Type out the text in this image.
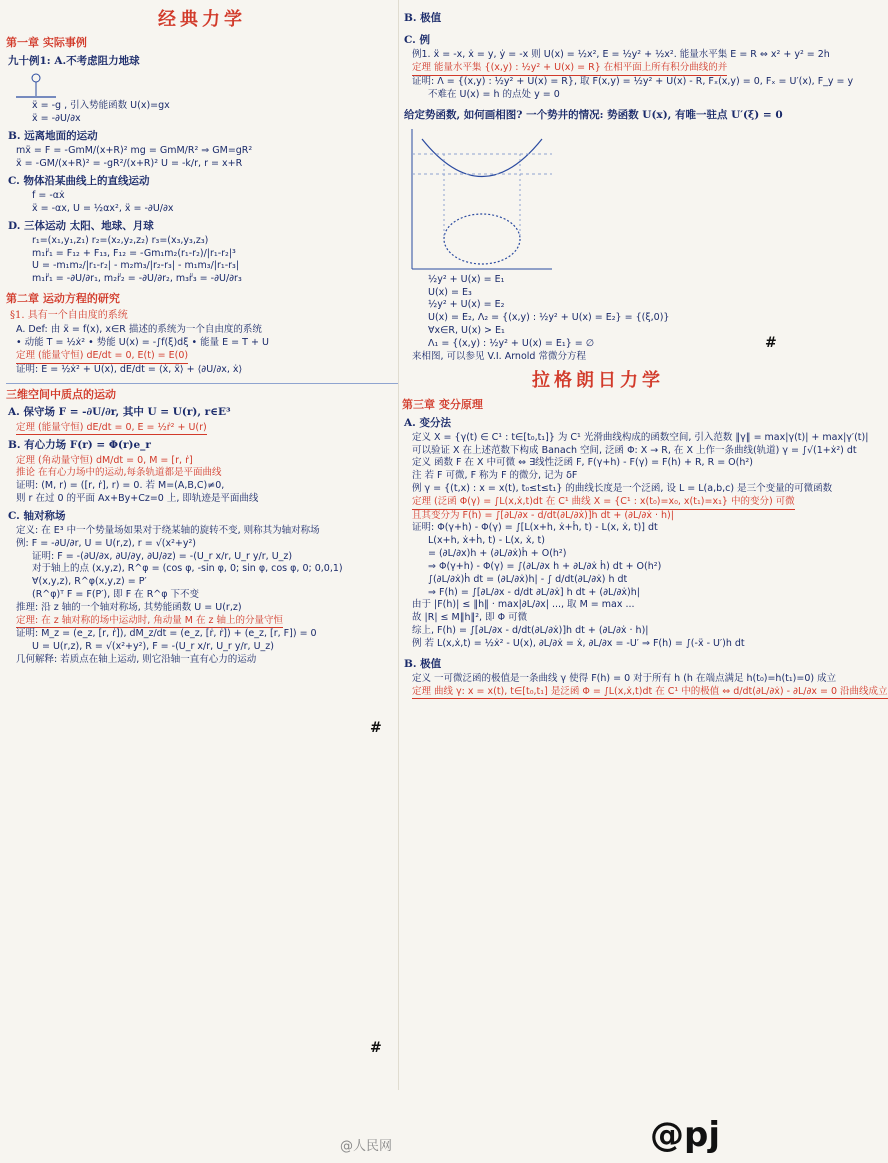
经典力学
第一章 实际事例
九十例1: A.不考虑阻力地球
ẍ = -g , 引入势能函数 U(x)=gx
ẍ = -∂U/∂x
B. 远离地面的运动
mẍ = F = -GmM/(x+R)² mg = GmM/R² ⇒ GM=gR²
ẍ = -GM/(x+R)² = -gR²/(x+R)² U = -k/r, r = x+R
C. 物体沿某曲线上的直线运动
f = -αẋ
ẍ = -αx, U = ½αx², ẍ = -∂U/∂x
D. 三体运动 太阳、地球、月球
r₁=(x₁,y₁,z₁) r₂=(x₂,y₂,z₂) r₃=(x₃,y₃,z₃)
m₁r̈₁ = F₁₂ + F₁₃, F₁₂ = -Gm₁m₂(r₁-r₂)/|r₁-r₂|³
U = -m₁m₂/|r₁-r₂| - m₂m₃/|r₂-r₃| - m₁m₃/|r₁-r₃|
m₁r̈₁ = -∂U/∂r₁, m₂r̈₂ = -∂U/∂r₂, m₃r̈₃ = -∂U/∂r₃
第二章 运动方程的研究
§1. 具有一个自由度的系统
A. Def: 由 ẍ = f(x), x∈R 描述的系统为一个自由度的系统
• 动能 T = ½ẋ² • 势能 U(x) = -∫f(ξ)dξ • 能量 E = T + U
定理 (能量守恒) dE/dt = 0, E(t) = E(0)
证明: E = ½ẋ² + U(x), dE/dt = ⟨ẋ, ẍ⟩ + ⟨∂U/∂x, ẋ⟩
三维空间中质点的运动
A. 保守场 F = -∂U/∂r, 其中 U = U(r), r∈E³
定理 (能量守恒) dE/dt = 0, E = ½ṙ² + U(r)
B. 有心力场 F(r) = Φ(r)e_r
定理 (角动量守恒) dM/dt = 0, M = [r, ṙ]
推论 在有心力场中的运动,每条轨道都是平面曲线
证明: (M, r) = ([r, ṙ], r) = 0. 若 M=(A,B,C)≠0,
则 r 在过 0 的平面 Ax+By+Cz=0 上, 即轨迹是平面曲线
C. 轴对称场
定义: 在 E³ 中一个势量场如果对于绕某轴的旋转不变, 则称其为轴对称场
例: F = -∂U/∂r, U = U(r,z), r = √(x²+y²)
证明: F = -(∂U/∂x, ∂U/∂y, ∂U/∂z) = -(U_r x/r, U_r y/r, U_z)
对于轴上的点 (x,y,z), R^φ = (cos φ, -sin φ, 0; sin φ, cos φ, 0; 0,0,1)
∀(x,y,z), R^φ(x,y,z) = P′
(R^φ)ᵀ F = F(P′), 即 F 在 R^φ 下不变
推理: 沿 z 轴的一个轴对称场, 其势能函数 U = U(r,z)
定理: 在 z 轴对称的场中运动时, 角动量 M 在 z 轴上的分量守恒
证明: M_z = (e_z, [r, ṙ]), dM_z/dt = (e_z, [ṙ, ṙ]) + (e_z, [r, F]) = 0
U = U(r,z), R = √(x²+y²), F = -(U_r x/r, U_r y/r, U_z)
几何解释: 若质点在轴上运动, 则它沿轴一直有心力的运动
B. 极值
C. 例
例1. ẍ = -x, ẋ = y, ẏ = -x 则 U(x) = ½x², E = ½y² + ½x². 能量水平集 E = R ⇔ x² + y² = 2h
定理 能量水平集 {(x,y) : ½y² + U(x) = R} 在相平面上所有积分曲线的并
证明: Λ = {(x,y) : ½y² + U(x) = R}, 取 F(x,y) = ½y² + U(x) - R, Fₓ(x,y) = 0, Fₓ = U′(x), F_y = y
不难在 U(x) = h 的点处 y = 0
给定势函数, 如何画相图? 一个势井的情况: 势函数 U(x), 有唯一驻点 U′(ξ) = 0
½y² + U(x) = E₁
U(x) = E₃
½y² + U(x) = E₂
U(x) = E₂, Λ₂ = {(x,y) : ½y² + U(x) = E₂} = {(ξ,0)}
∀x∈R, U(x) > E₁
Λ₁ = {(x,y) : ½y² + U(x) = E₁} = ∅
来相图, 可以参见 V.I. Arnold 常微分方程
拉格朗日力学
第三章 变分原理
A. 变分法
定义 X = {γ(t) ∈ C¹ : t∈[t₀,t₁]} 为 C¹ 光滑曲线构成的函数空间, 引入范数 ‖γ‖ = max|γ(t)| + max|γ′(t)|
可以验证 X 在上述范数下构成 Banach 空间, 泛函 Φ: X → R, 在 X 上作一条曲线(轨道) γ = ∫√(1+ẋ²) dt
定义 函数 F 在 X 中可微 ⇔ ∃线性泛函 F, F(γ+h) - F(γ) = F(h) + R, R = O(h²)
注 若 F 可微, F 称为 F 的微分, 记为 δF
例 γ = {(t,x) : x = x(t), t₀≤t≤t₁} 的曲线长度是一个泛函, 设 L = L(a,b,c) 是三个变量的可微函数
定理 (泛函 Φ(γ) = ∫L(x,ẋ,t)dt 在 C¹ 曲线 X = {C¹ : x(t₀)=x₀, x(t₁)=x₁} 中的变分) 可微
且其变分为 F(h) = ∫[∂L/∂x - d/dt(∂L/∂ẋ)]h dt + (∂L/∂ẋ · h)|
证明: Φ(γ+h) - Φ(γ) = ∫[L(x+h, ẋ+ḣ, t) - L(x, ẋ, t)] dt
L(x+h, ẋ+ḣ, t) - L(x, ẋ, t)
= (∂L/∂x)h + (∂L/∂ẋ)ḣ + O(h²)
⇒ Φ(γ+h) - Φ(γ) = ∫(∂L/∂x h + ∂L/∂ẋ ḣ) dt + O(h²)
∫(∂L/∂ẋ)ḣ dt = (∂L/∂ẋ)h| - ∫ d/dt(∂L/∂ẋ) h dt
⇒ F(h) = ∫[∂L/∂x - d/dt ∂L/∂ẋ] h dt + (∂L/∂ẋ)h|
由于 |F(h)| ≤ ‖h‖ · max|∂L/∂x| ..., 取 M = max ...
故 |R| ≤ M‖h‖², 即 Φ 可微
综上, F(h) = ∫[∂L/∂x - d/dt(∂L/∂ẋ)]h dt + (∂L/∂ẋ · h)|
例 若 L(x,ẋ,t) = ½ẋ² - U(x), ∂L/∂ẋ = ẋ, ∂L/∂x = -U′ ⇒ F(h) = ∫(-ẍ - U′)h dt
B. 极值
定义 一可微泛函的极值是一条曲线 γ 使得 F(h) = 0 对于所有 h (h 在端点满足 h(t₀)=h(t₁)=0) 成立
定理 曲线 γ: x = x(t), t∈[t₀,t₁] 是泛函 Φ = ∫L(x,ẋ,t)dt 在 C¹ 中的极值 ⇔ d/dt(∂L/∂ẋ) - ∂L/∂x = 0 沿曲线成立
#
#
#
@人民网	@pj
